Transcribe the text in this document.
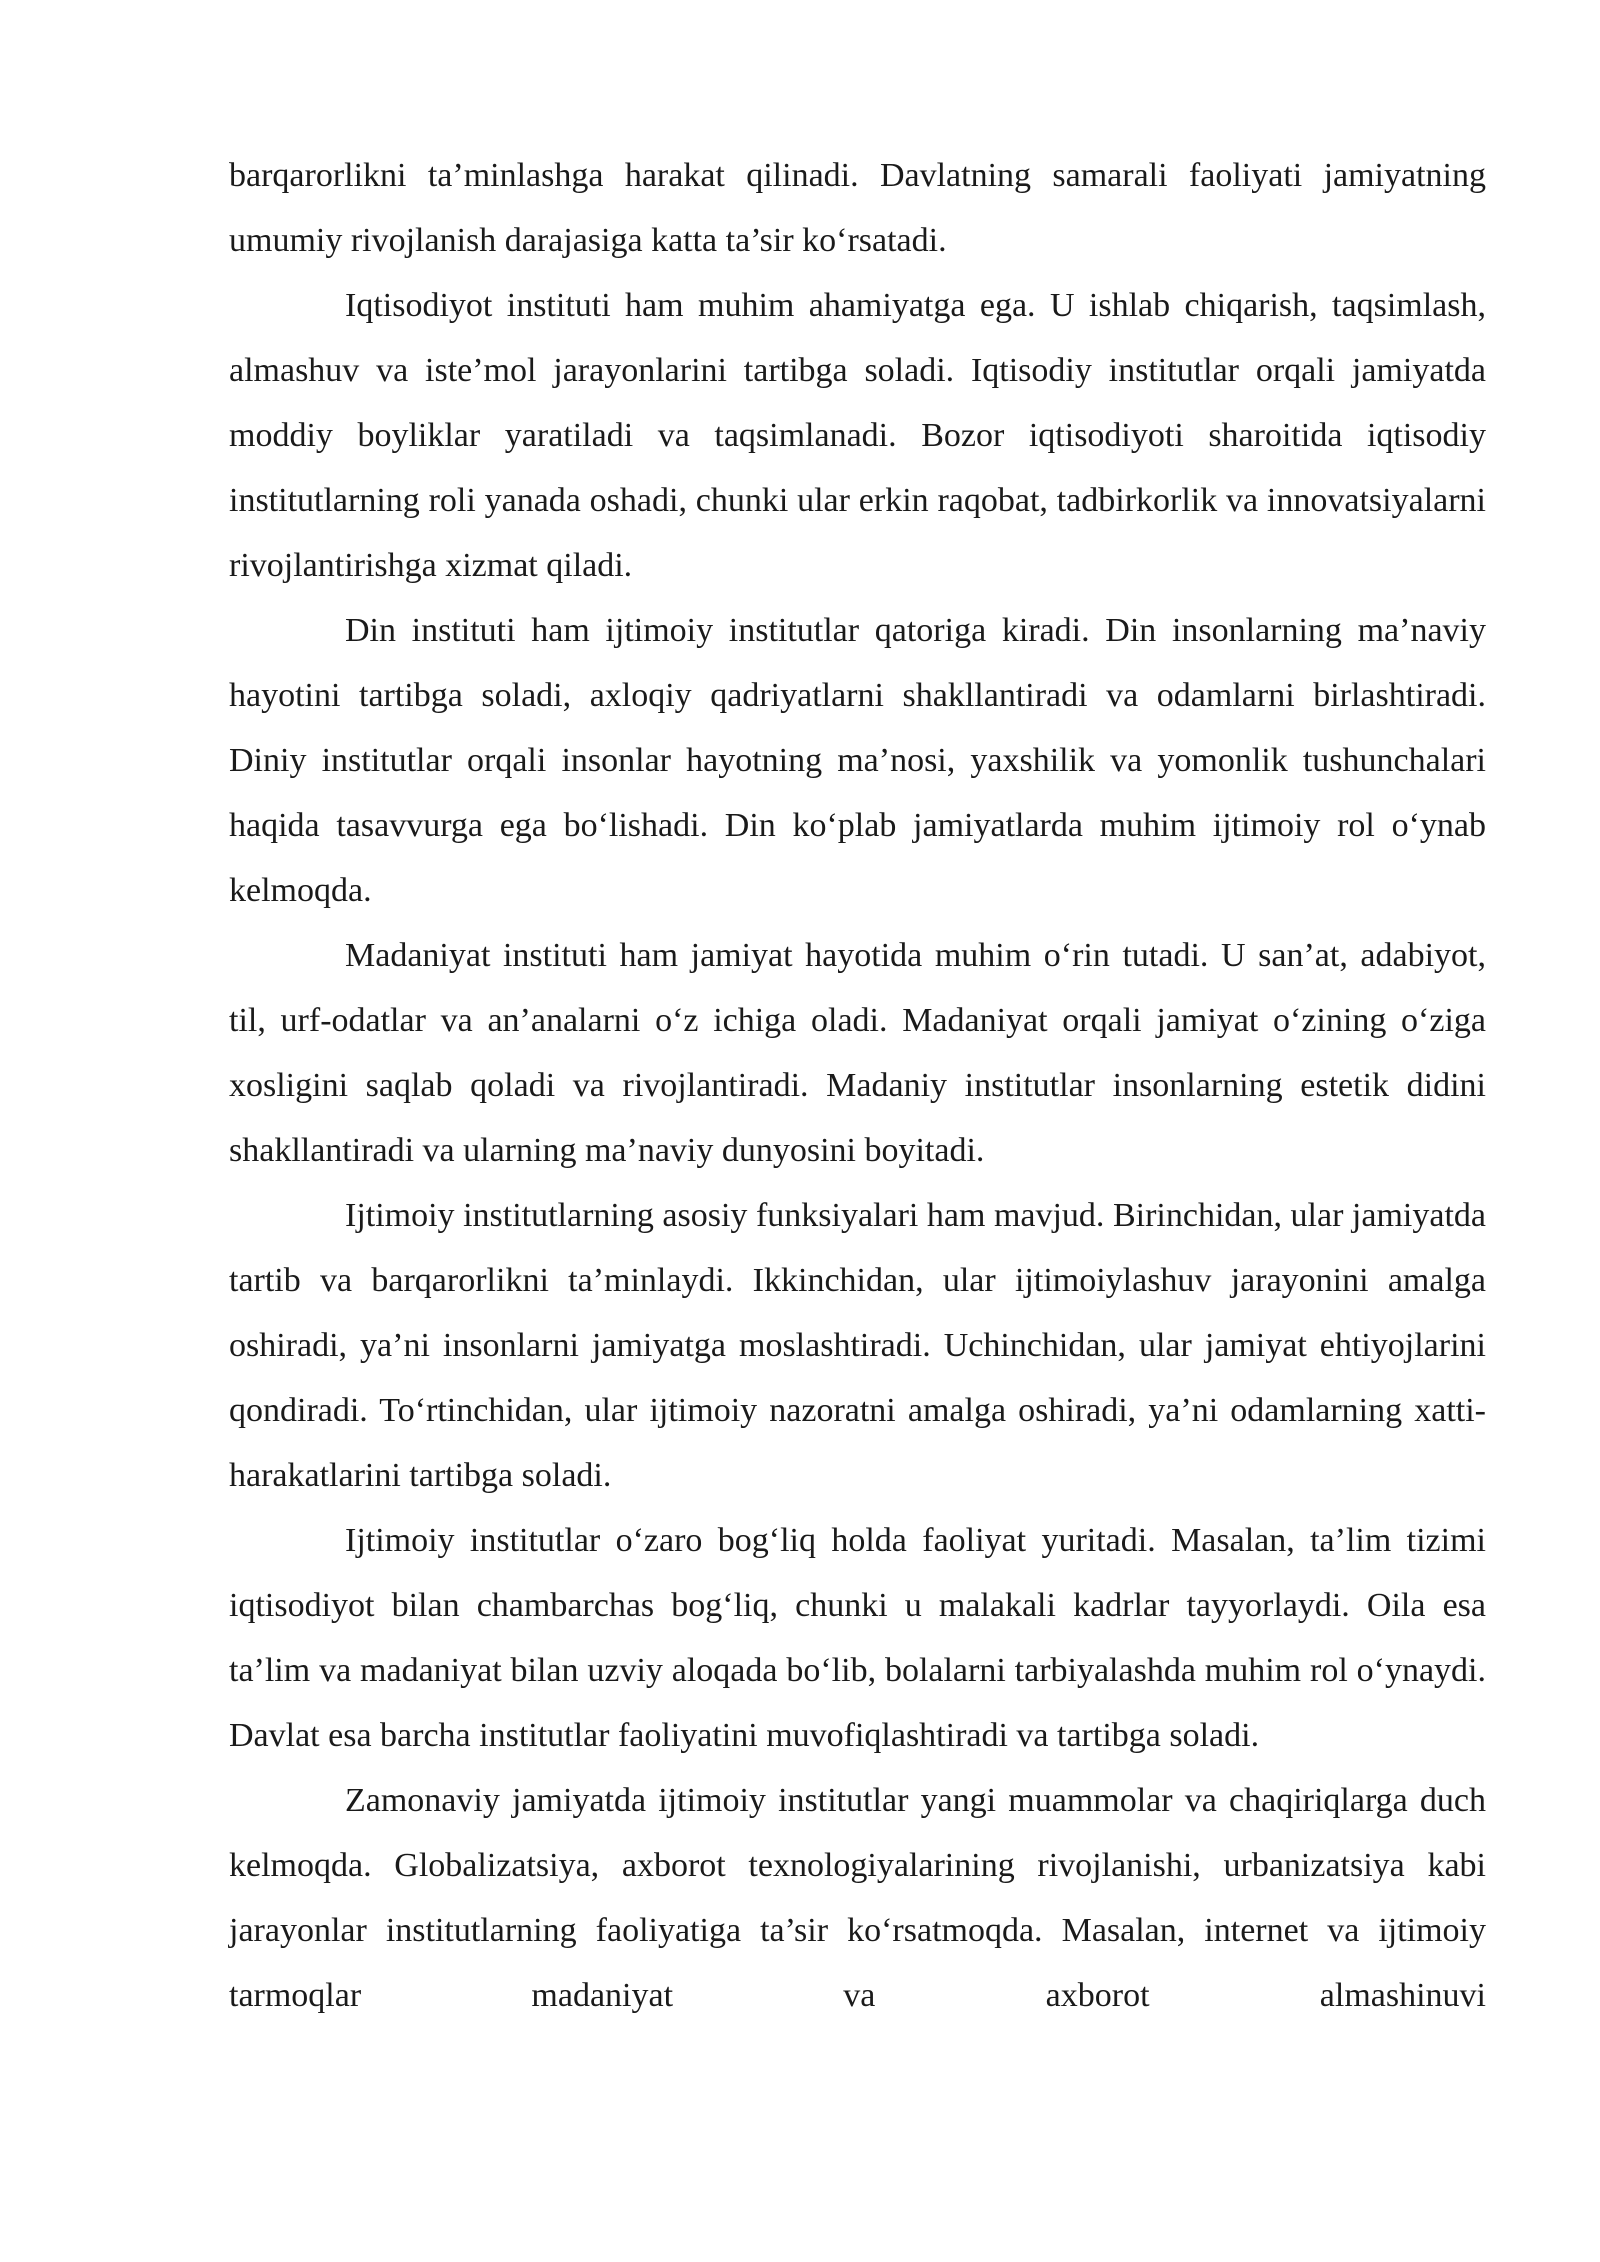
barqarorlikni ta’minlashga harakat qilinadi. Davlatning samarali faoliyati jamiyatning umumiy rivojlanish darajasiga katta ta’sir ko‘rsatadi.

Iqtisodiyot instituti ham muhim ahamiyatga ega. U ishlab chiqarish, taqsimlash, almashuv va iste’mol jarayonlarini tartibga soladi. Iqtisodiy institutlar orqali jamiyatda moddiy boyliklar yaratiladi va taqsimlanadi. Bozor iqtisodiyoti sharoitida iqtisodiy institutlarning roli yanada oshadi, chunki ular erkin raqobat, tadbirkorlik va innovatsiyalarni rivojlantirishga xizmat qiladi.

Din instituti ham ijtimoiy institutlar qatoriga kiradi. Din insonlarning ma’naviy hayotini tartibga soladi, axloqiy qadriyatlarni shakllantiradi va odamlarni birlashtiradi. Diniy institutlar orqali insonlar hayotning ma’nosi, yaxshilik va yomonlik tushunchalari haqida tasavvurga ega bo‘lishadi. Din ko‘plab jamiyatlarda muhim ijtimoiy rol o‘ynab kelmoqda.

Madaniyat instituti ham jamiyat hayotida muhim o‘rin tutadi. U san’at, adabiyot, til, urf-odatlar va an’analarni o‘z ichiga oladi. Madaniyat orqali jamiyat o‘zining o‘ziga xosligini saqlab qoladi va rivojlantiradi. Madaniy institutlar insonlarning estetik didini shakllantiradi va ularning ma’naviy dunyosini boyitadi.

Ijtimoiy institutlarning asosiy funksiyalari ham mavjud. Birinchidan, ular jamiyatda tartib va barqarorlikni ta’minlaydi. Ikkinchidan, ular ijtimoiylashuv jarayonini amalga oshiradi, ya’ni insonlarni jamiyatga moslashtiradi. Uchinchidan, ular jamiyat ehtiyojlarini qondiradi. To‘rtinchidan, ular ijtimoiy nazoratni amalga oshiradi, ya’ni odamlarning xatti-harakatlarini tartibga soladi.

Ijtimoiy institutlar o‘zaro bog‘liq holda faoliyat yuritadi. Masalan, ta’lim tizimi iqtisodiyot bilan chambarchas bog‘liq, chunki u malakali kadrlar tayyorlaydi. Oila esa ta’lim va madaniyat bilan uzviy aloqada bo‘lib, bolalarni tarbiyalashda muhim rol o‘ynaydi. Davlat esa barcha institutlar faoliyatini muvofiqlashtiradi va tartibga soladi.

Zamonaviy jamiyatda ijtimoiy institutlar yangi muammolar va chaqiriqlarga duch kelmoqda. Globalizatsiya, axborot texnologiyalarining rivojlanishi, urbanizatsiya kabi jarayonlar institutlarning faoliyatiga ta’sir ko‘rsatmoqda. Masalan, internet va ijtimoiy tarmoqlar madaniyat va axborot almashinuvi
